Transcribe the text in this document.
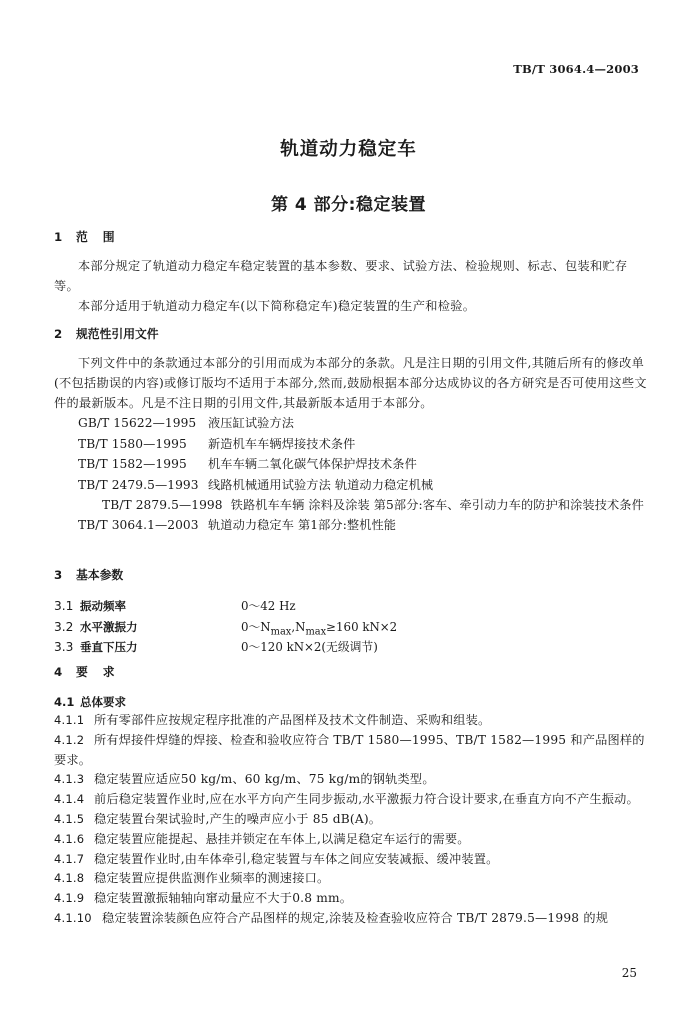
TB/T 3064.4—2003
轨道动力稳定车
第 4 部分:稳定装置
1 范围
本部分规定了轨道动力稳定车稳定装置的基本参数、要求、试验方法、检验规则、标志、包装和贮存等。
本部分适用于轨道动力稳定车(以下简称稳定车)稳定装置的生产和检验。
2 规范性引用文件
下列文件中的条款通过本部分的引用而成为本部分的条款。凡是注日期的引用文件,其随后所有的修改单(不包括勘误的内容)或修订版均不适用于本部分,然而,鼓励根据本部分达成协议的各方研究是否可使用这些文件的最新版本。凡是不注日期的引用文件,其最新版本适用于本部分。
GB/T 15622—1995 液压缸试验方法
TB/T 1580—1995 新造机车车辆焊接技术条件
TB/T 1582—1995 机车车辆二氧化碳气体保护焊技术条件
TB/T 2479.5—1993 线路机械通用试验方法 轨道动力稳定机械
TB/T 2879.5—1998 铁路机车车辆 涂料及涂装 第5部分:客车、牵引动力车的防护和涂装技术条件
TB/T 3064.1—2003 轨道动力稳定车 第1部分:整机性能
3 基本参数
3.1 振动频率	0～42 Hz
3.2 水平激振力	$0\sim N_{max},N_{max}\ge 160$ kN×2
3.3 垂直下压力	0～120 kN×2(无级调节)
4 要求
4.1 总体要求
4.1.1 所有零部件应按规定程序批准的产品图样及技术文件制造、采购和组装。
4.1.2 所有焊接件焊缝的焊接、检查和验收应符合 TB/T 1580—1995、TB/T 1582—1995 和产品图样的要求。
4.1.3 稳定装置应适应50 kg/m、60 kg/m、75 kg/m的钢轨类型。
4.1.4 前后稳定装置作业时,应在水平方向产生同步振动,水平激振力符合设计要求,在垂直方向不产生振动。
4.1.5 稳定装置台架试验时,产生的噪声应小于 85 dB(A)。
4.1.6 稳定装置应能提起、悬挂并锁定在车体上,以满足稳定车运行的需要。
4.1.7 稳定装置作业时,由车体牵引,稳定装置与车体之间应安装减振、缓冲装置。
4.1.8 稳定装置应提供监测作业频率的测速接口。
4.1.9 稳定装置激振轴轴向窜动量应不大于0.8 mm。
4.1.10 稳定装置涂装颜色应符合产品图样的规定,涂装及检查验收应符合 TB/T 2879.5—1998 的规
25
